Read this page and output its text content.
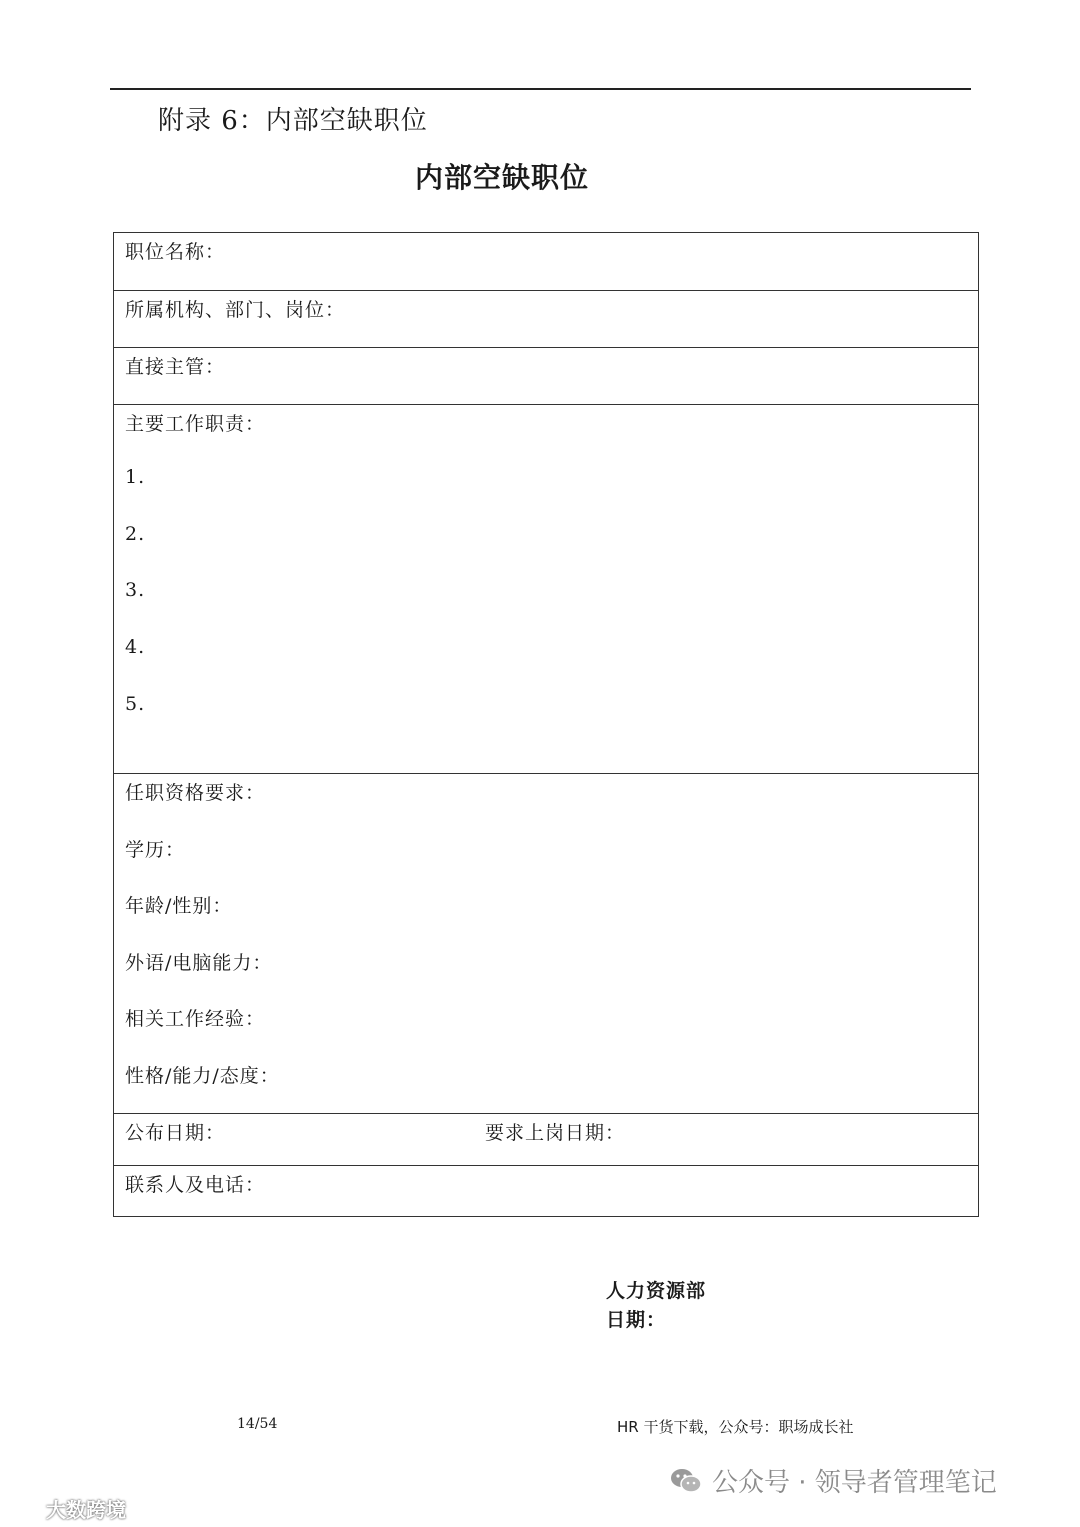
附录 6：内部空缺职位
内部空缺职位
职位名称：
所属机构、部门、岗位：
直接主管：
主要工作职责：
1.
2.
3.
4.
5.
任职资格要求：
学历：
年龄/性别：
外语/电脑能力：
相关工作经验：
性格/能力/态度：
公布日期：	要求上岗日期：
联系人及电话：
人力资源部
日期：
14/54	HR 干货下载，公众号：职场成长社
公众号 · 领导者管理笔记
大数跨境
